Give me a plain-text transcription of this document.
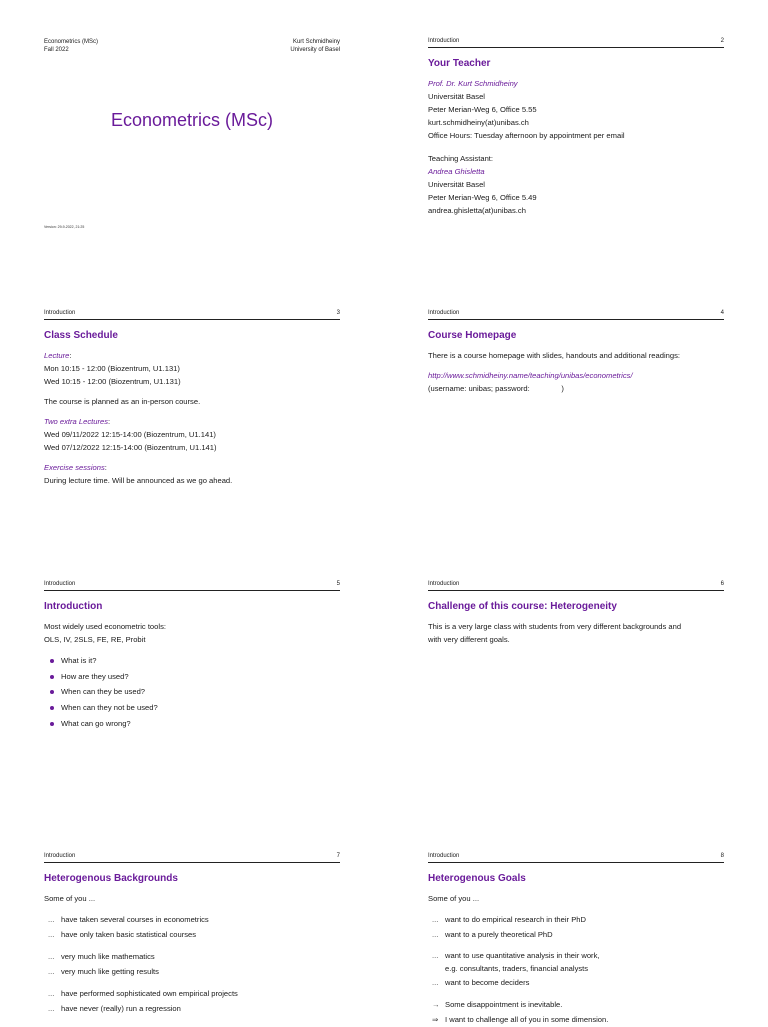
Econometrics (MSc)
Fall 2022
Kurt Schmidheiny
University of Basel
Econometrics (MSc)
Version: 29-9-2022, 21:25
Introduction	2
Your Teacher
Prof. Dr. Kurt Schmidheiny
Universität Basel
Peter Merian-Weg 6, Office 5.55
kurt.schmidheiny(at)unibas.ch
Office Hours: Tuesday afternoon by appointment per email
Teaching Assistant:
Andrea Ghisletta
Universität Basel
Peter Merian-Weg 6, Office 5.49
andrea.ghisletta(at)unibas.ch
Introduction	3
Class Schedule
Lecture:
Mon 10:15 - 12:00 (Biozentrum, U1.131)
Wed 10:15 - 12:00 (Biozentrum, U1.131)
The course is planned as an in-person course.
Two extra Lectures:
Wed 09/11/2022 12:15-14:00 (Biozentrum, U1.141)
Wed 07/12/2022 12:15-14:00 (Biozentrum, U1.141)
Exercise sessions:
During lecture time. Will be announced as we go ahead.
Introduction	4
Course Homepage
There is a course homepage with slides, handouts and additional readings:
http://www.schmidheiny.name/teaching/unibas/econometrics/
(username: unibas; password:               )
Introduction	5
Introduction
Most widely used econometric tools:
OLS, IV, 2SLS, FE, RE, Probit
What is it?
How are they used?
When can they be used?
When can they not be used?
What can go wrong?
Introduction	6
Challenge of this course: Heterogeneity
This is a very large class with students from very different backgrounds and
with very different goals.
Introduction	7
Heterogenous Backgrounds
Some of you ...
... have taken several courses in econometrics
... have only taken basic statistical courses
... very much like mathematics
... very much like getting results
... have performed sophisticated own empirical projects
... have never (really) run a regression
Introduction	8
Heterogenous Goals
Some of you ...
... want to do empirical research in their PhD
... want to a purely theoretical PhD
... want to use quantitative analysis in their work,
e.g. consultants, traders, financial analysts
... want to become deciders
→ Some disappointment is inevitable.
⇒ I want to challenge all of you in some dimension.
